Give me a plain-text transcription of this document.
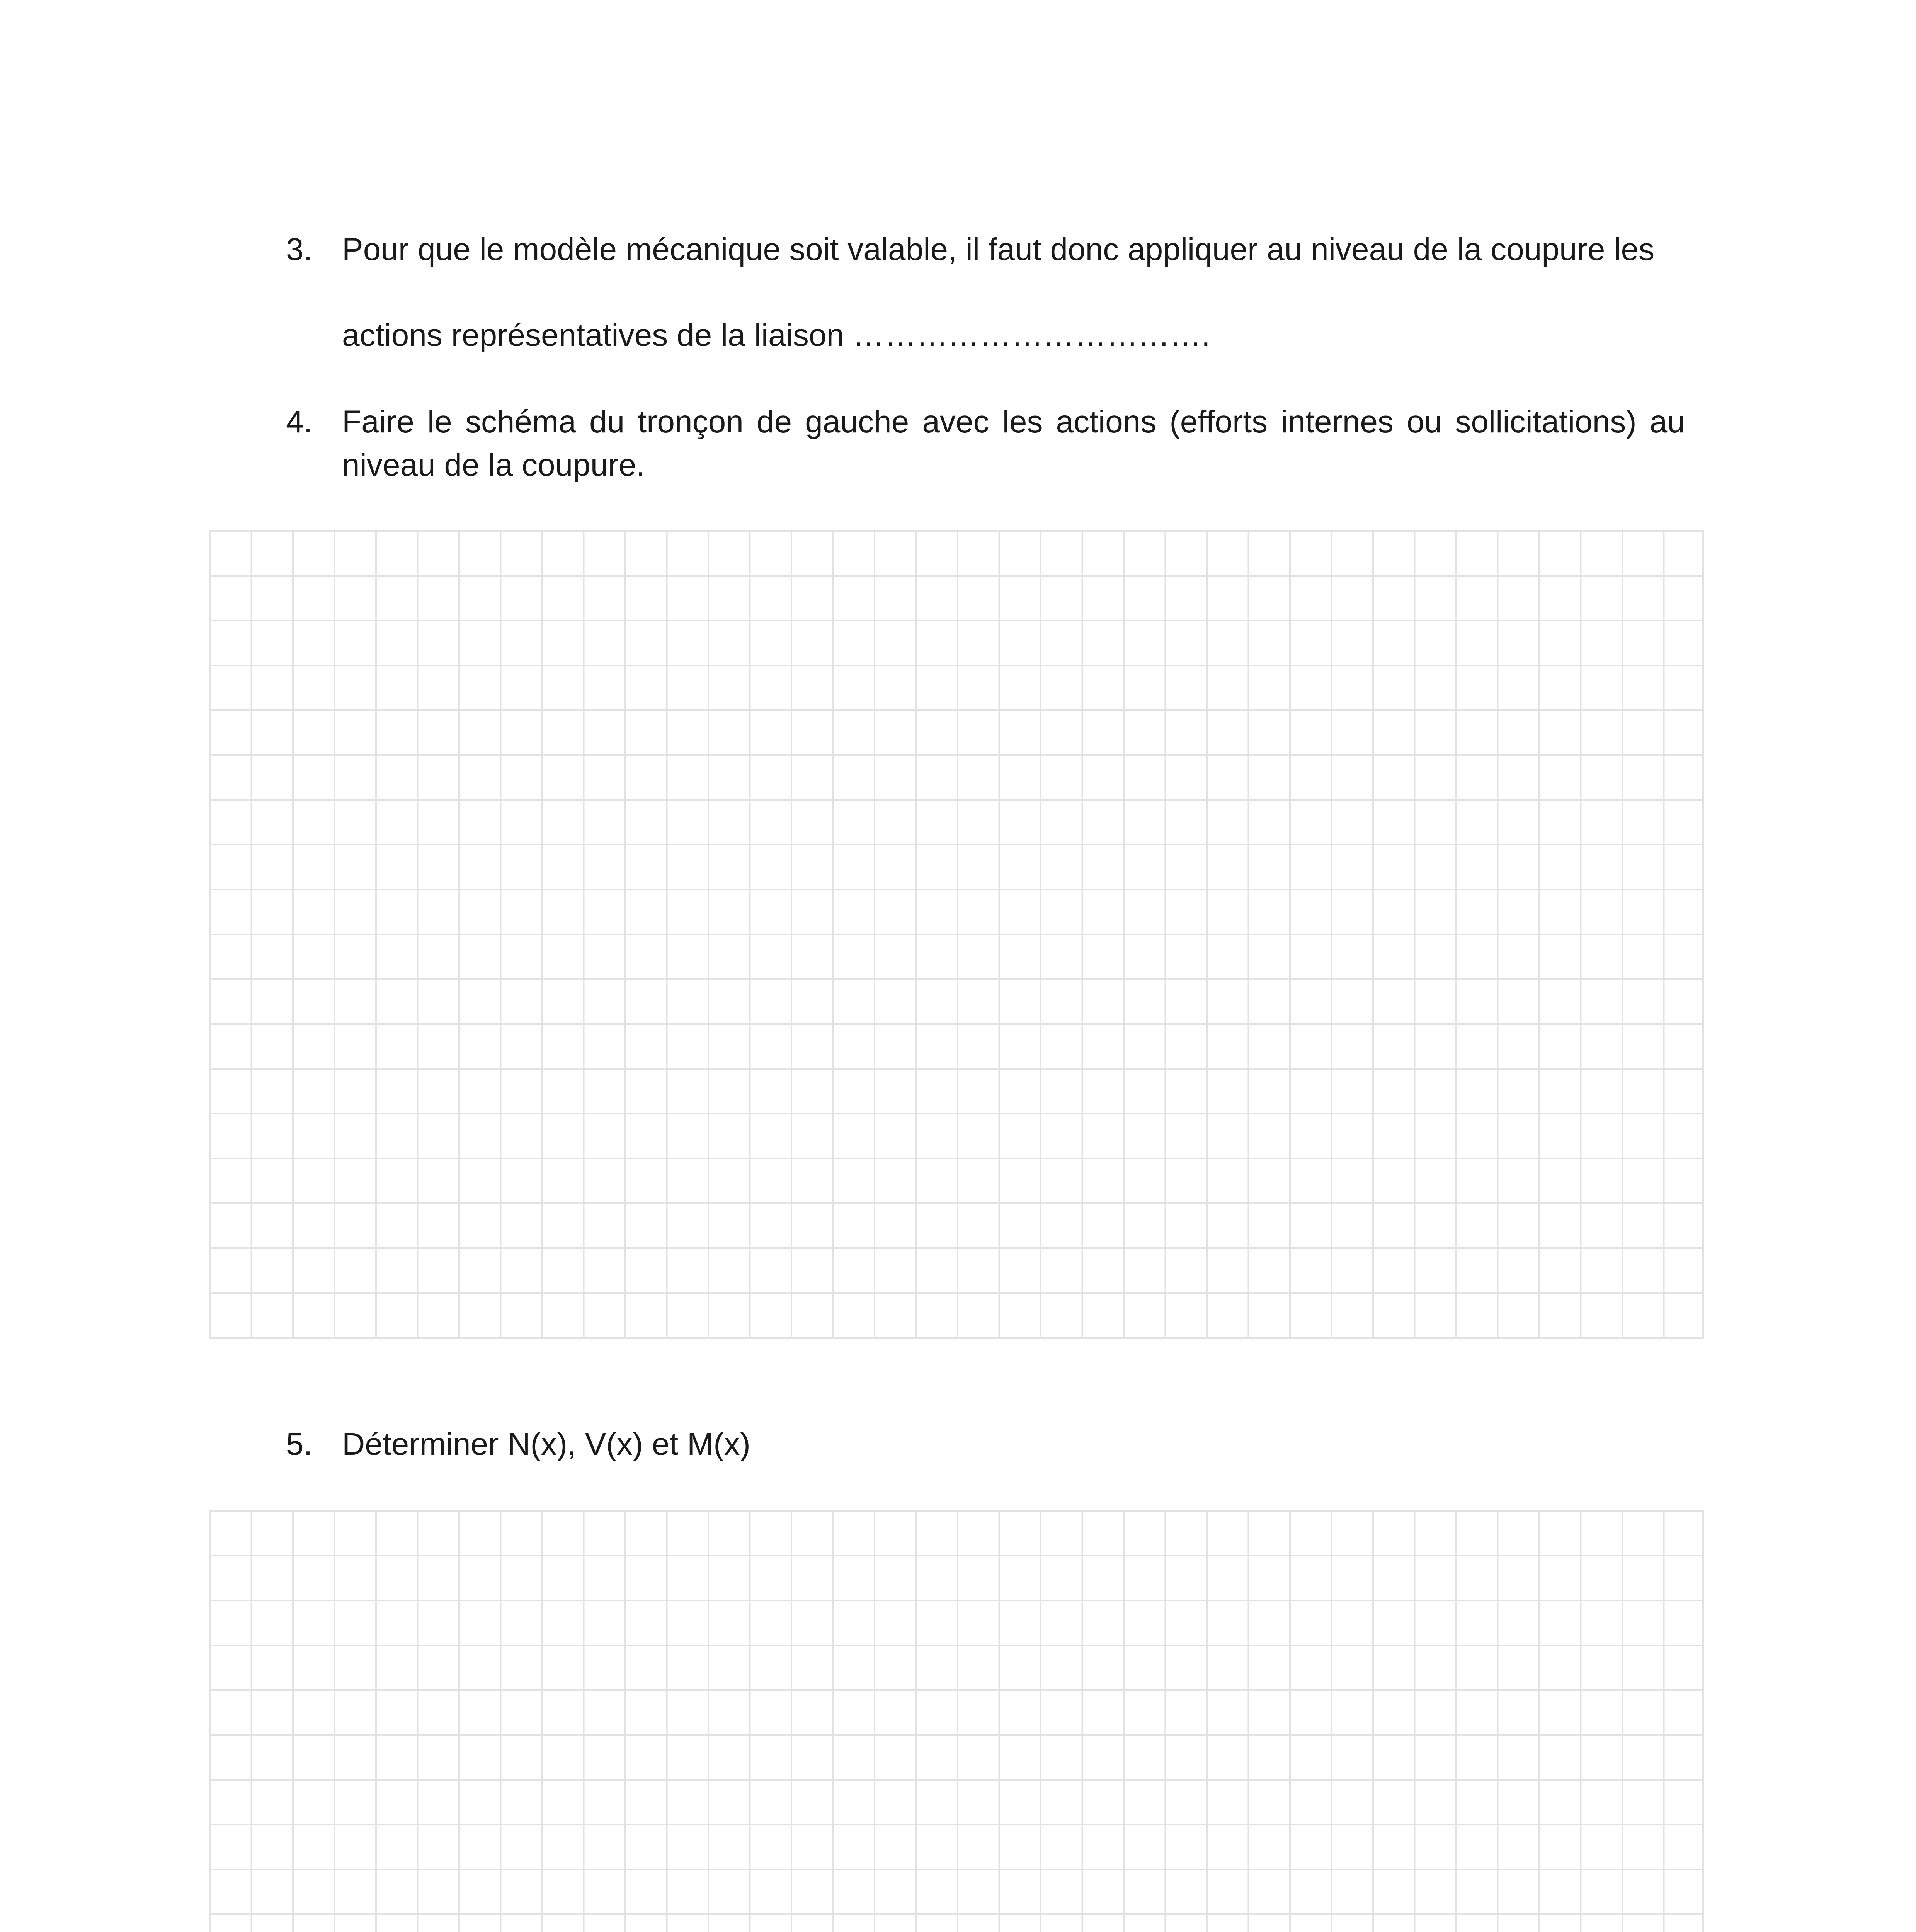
3. Pour que le modèle mécanique soit valable, il faut donc appliquer au niveau de la coupure les
actions représentatives de la liaison …………………………….
4. Faire le schéma du tronçon de gauche avec les actions (efforts internes ou sollicitations) au niveau de la coupure.
5. Déterminer N(x), V(x) et M(x)
